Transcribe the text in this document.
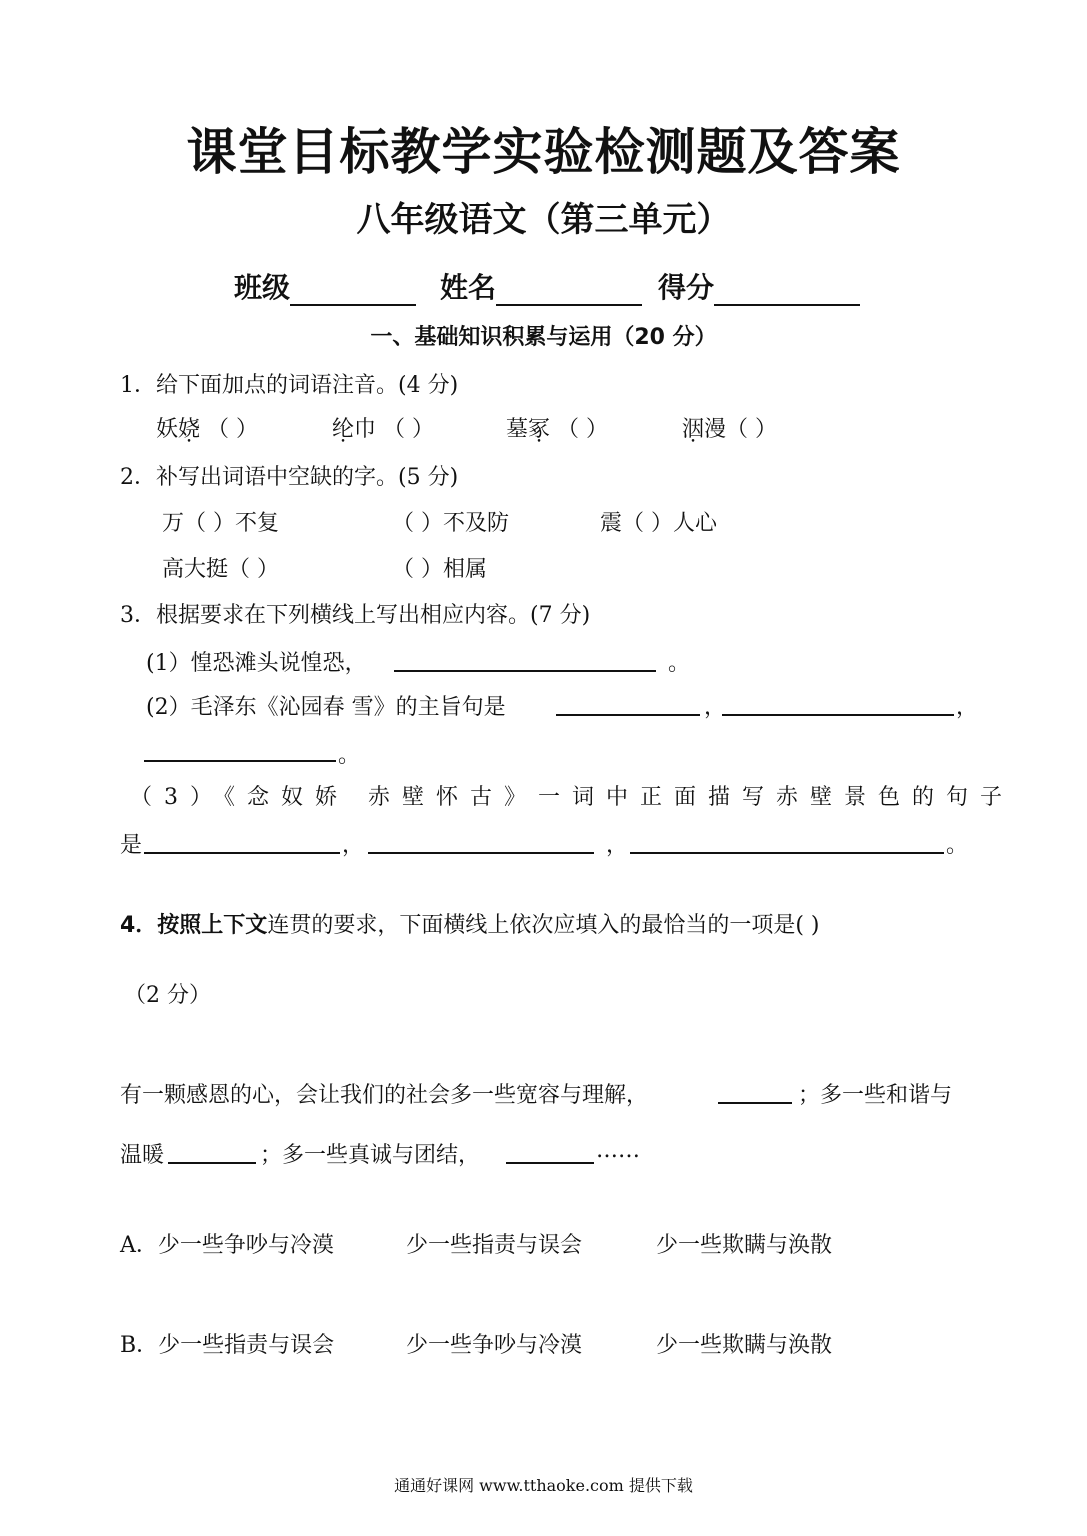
课堂目标教学实验检测题及答案
八年级语文（第三单元）
班级	姓名	得分
一、基础知识积累与运用（20 分）
1．给下面加点的词语注音。(4 分)
妖娆 （ ）	纶巾 （ ）	墓冢 （ ）	洇漫（ ）
2．补写出词语中空缺的字。(5 分)
万（ ）不复	（ ）不及防	震（ ）人心
高大挺（ ）	（ ）相属
3．根据要求在下列横线上写出相应内容。(7 分)
(1）惶恐滩头说惶恐，	。
(2）毛泽东《沁园春 雪》的主旨句是	，	，
。
（3）《念奴娇 赤壁怀古》一词中正面描写赤壁景色的句子
是	，	，	。
4．按照上下文连贯的要求，下面横线上依次应填入的最恰当的一项是( )
（2 分）
有一颗感恩的心，会让我们的社会多一些宽容与理解，	；多一些和谐与
温暖	；多一些真诚与团结，	……
A．少一些争吵与冷漠	少一些指责与误会	少一些欺瞒与涣散
B．少一些指责与误会	少一些争吵与冷漠	少一些欺瞒与涣散
通通好课网 www.tthaoke.com 提供下载
